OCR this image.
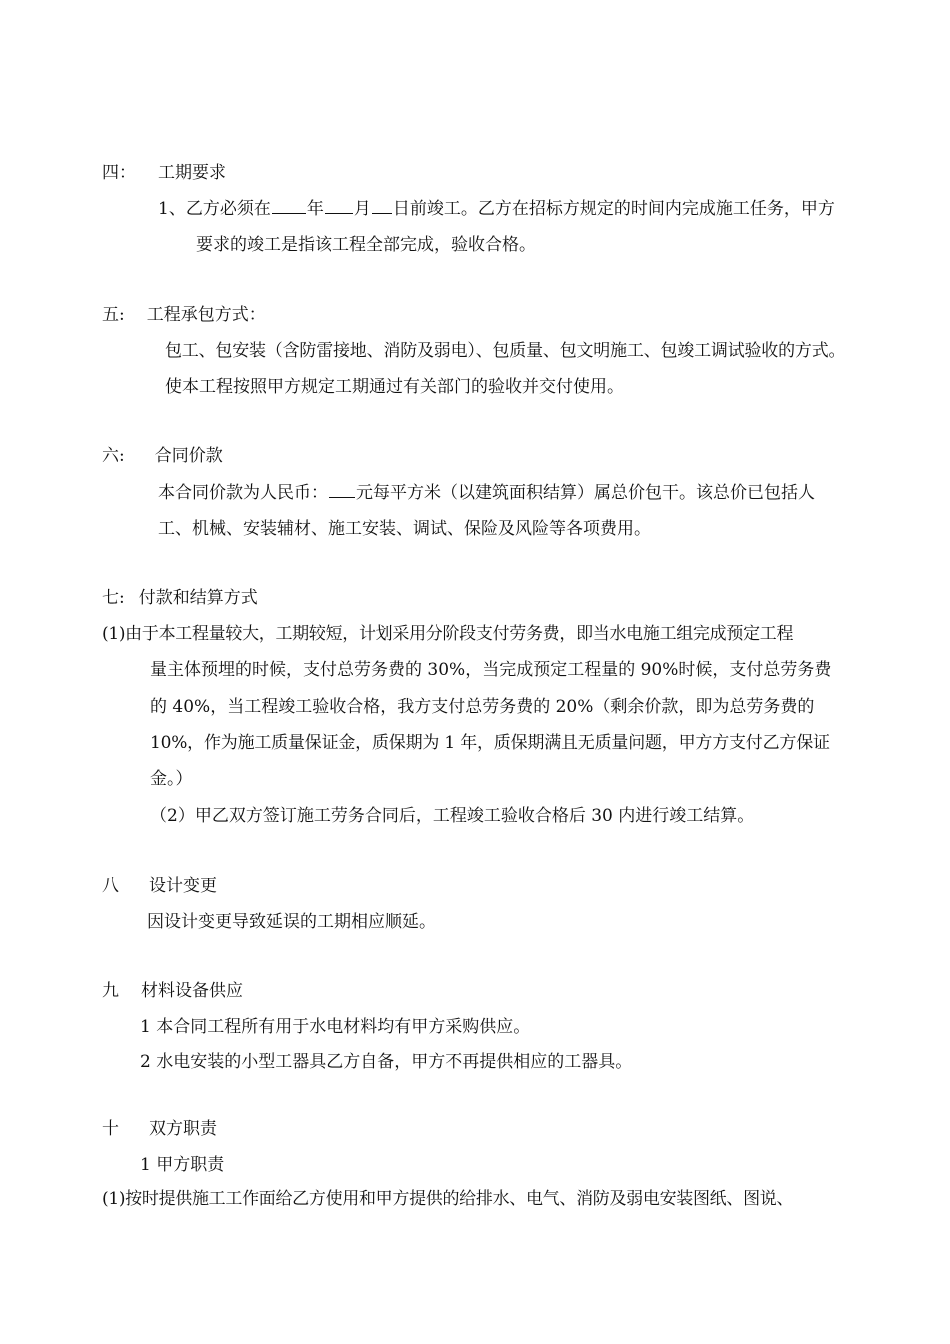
四： 工期要求
1、乙方必须在 年 月 日前竣工。乙方在招标方规定的时间内完成施工任务，甲方
要求的竣工是指该工程全部完成，验收合格。
五: 工程承包方式：
包工、包安装（含防雷接地、消防及弱电）、包质量、包文明施工、包竣工调试验收的方式。
使本工程按照甲方规定工期通过有关部门的验收并交付使用。
六: 合同价款
本合同价款为人民币： 元每平方米（以建筑面积结算）属总价包干。该总价已包括人
工、机械、安装辅材、施工安装、调试、保险及风险等各项费用。
七: 付款和结算方式
(1)由于本工程量较大，工期较短，计划采用分阶段支付劳务费，即当水电施工组完成预定工程
量主体预埋的时候，支付总劳务费的 30%，当完成预定工程量的 90%时候，支付总劳务费
的 40%，当工程竣工验收合格，我方支付总劳务费的 20%（剩余价款，即为总劳务费的
10%，作为施工质量保证金，质保期为 1 年，质保期满且无质量问题，甲方方支付乙方保证
金。）
（2）甲乙双方签订施工劳务合同后，工程竣工验收合格后 30 内进行竣工结算。
八 设计变更
因设计变更导致延误的工期相应顺延。
九 材料设备供应
1 本合同工程所有用于水电材料均有甲方采购供应。
2 水电安装的小型工器具乙方自备，甲方不再提供相应的工器具。
十 双方职责
1 甲方职责
(1)按时提供施工工作面给乙方使用和甲方提供的给排水、电气、消防及弱电安装图纸、图说、
